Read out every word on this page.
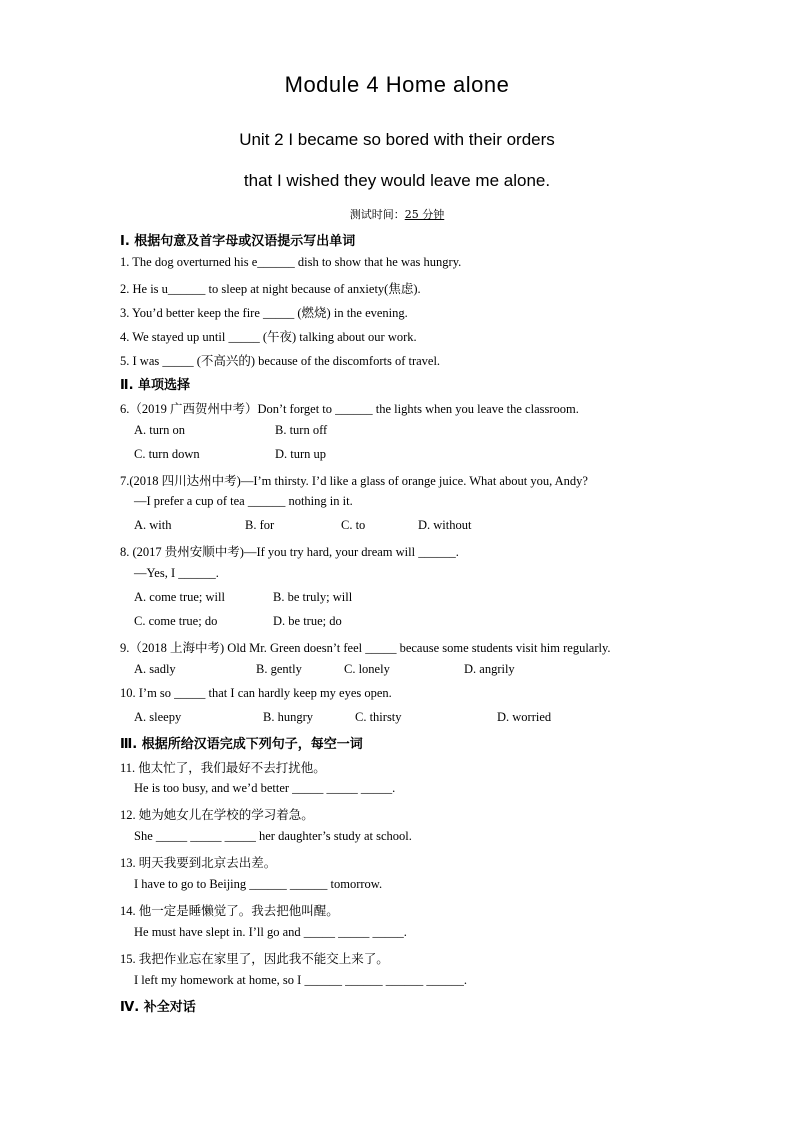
Module 4 Home alone
Unit 2 I became so bored with their orders
that I wished they would leave me alone.
测试时间：25 分钟
Ⅰ. 根据句意及首字母或汉语提示写出单词
1. The dog overturned his e______ dish to show that he was hungry.
2. He is u______ to sleep at night because of anxiety(焦虑).
3. You’d better keep the fire _____ (燃烧) in the evening.
4. We stayed up until _____ (午夜) talking about our work.
5. I was _____ (不高兴的) because of the discomforts of travel.
Ⅱ. 单项选择
6.（2019 广西贺州中考）Don’t forget to ______ the lights when you leave the classroom.
A. turn on	B. turn off
C. turn down	D. turn up
7.(2018 四川达州中考)—I’m thirsty. I’d like a glass of orange juice. What about you, Andy?
—I prefer a cup of tea ______ nothing in it.
A. with	B. for	C. to	D. without
8. (2017 贵州安顺中考)—If you try hard, your dream will ______.
—Yes, I ______.
A. come true; will	B. be truly; will
C. come true; do	D. be true; do
9.（2018 上海中考) Old Mr. Green doesn’t feel _____ because some students visit him regularly.
A. sadly	B. gently	C. lonely	D. angrily
10. I’m so _____ that I can hardly keep my eyes open.
A. sleepy	B. hungry	C. thirsty	D. worried
Ⅲ. 根据所给汉语完成下列句子，每空一词
11. 他太忙了，我们最好不去打扰他。
He is too busy, and we’d better _____ _____ _____.
12. 她为她女儿在学校的学习着急。
She _____ _____ _____ her daughter’s study at school.
13. 明天我要到北京去出差。
I have to go to Beijing ______ ______ tomorrow.
14. 他一定是睡懒觉了。我去把他叫醒。
He must have slept in. I’ll go and _____ _____ _____.
15. 我把作业忘在家里了，因此我不能交上来了。
I left my homework at home, so I ______ ______ ______ ______.
Ⅳ. 补全对话
